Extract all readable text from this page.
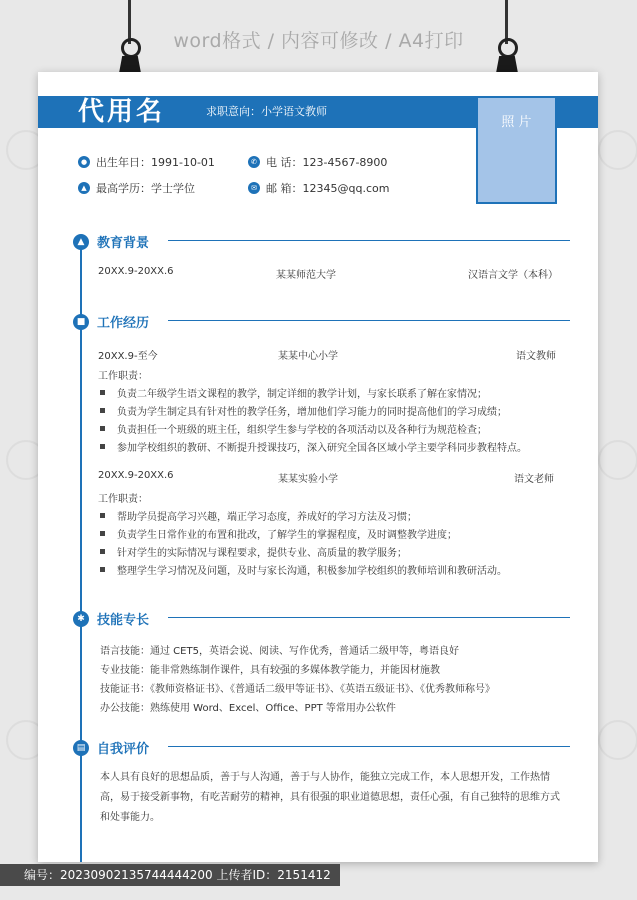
word格式 / 内容可修改 / A4打印
代用名	求职意向：小学语文教师
照 片
● 出生年日：1991-10-01	✆ 电 话：123-4567-8900
▲ 最高学历：学士学位	✉ 邮 箱：12345@qq.com
▲ 教育背景
20XX.9-20XX.6	某某师范大学	汉语言文学（本科）
■ 工作经历
20XX.9-至今	某某中心小学	语文教师
工作职责：
负责二年级学生语文课程的教学，制定详细的教学计划，与家长联系了解在家情况；
负责为学生制定具有针对性的教学任务，增加他们学习能力的同时提高他们的学习成绩；
负责担任一个班级的班主任，组织学生参与学校的各项活动以及各种行为规范检查；
参加学校组织的教研、不断提升授课技巧，深入研究全国各区域小学主要学科同步教程特点。
20XX.9-20XX.6	某某实验小学	语文老师
工作职责：
帮助学员提高学习兴趣，端正学习态度，养成好的学习方法及习惯；
负责学生日常作业的布置和批改，了解学生的掌握程度，及时调整教学进度；
针对学生的实际情况与课程要求，提供专业、高质量的教学服务；
整理学生学习情况及问题，及时与家长沟通，积极参加学校组织的教师培训和教研活动。
✱ 技能专长
语言技能：通过 CET5，英语会说、阅读、写作优秀，普通话二级甲等，粤语良好
专业技能：能非常熟练制作课件，具有较强的多媒体教学能力，并能因材施教
技能证书：《教师资格证书》、《普通话二级甲等证书》、《英语五级证书》、《优秀教师称号》
办公技能：熟练使用 Word、Excel、Office、PPT 等常用办公软件
▤ 自我评价
本人具有良好的思想品质，善于与人沟通，善于与人协作，能独立完成工作，本人思想开发，工作热情高，易于接受新事物，有吃苦耐劳的精神，具有很强的职业道德思想，责任心强，有自己独特的思维方式和处事能力。
编号：20230902135744444200 上传者ID：2151412
